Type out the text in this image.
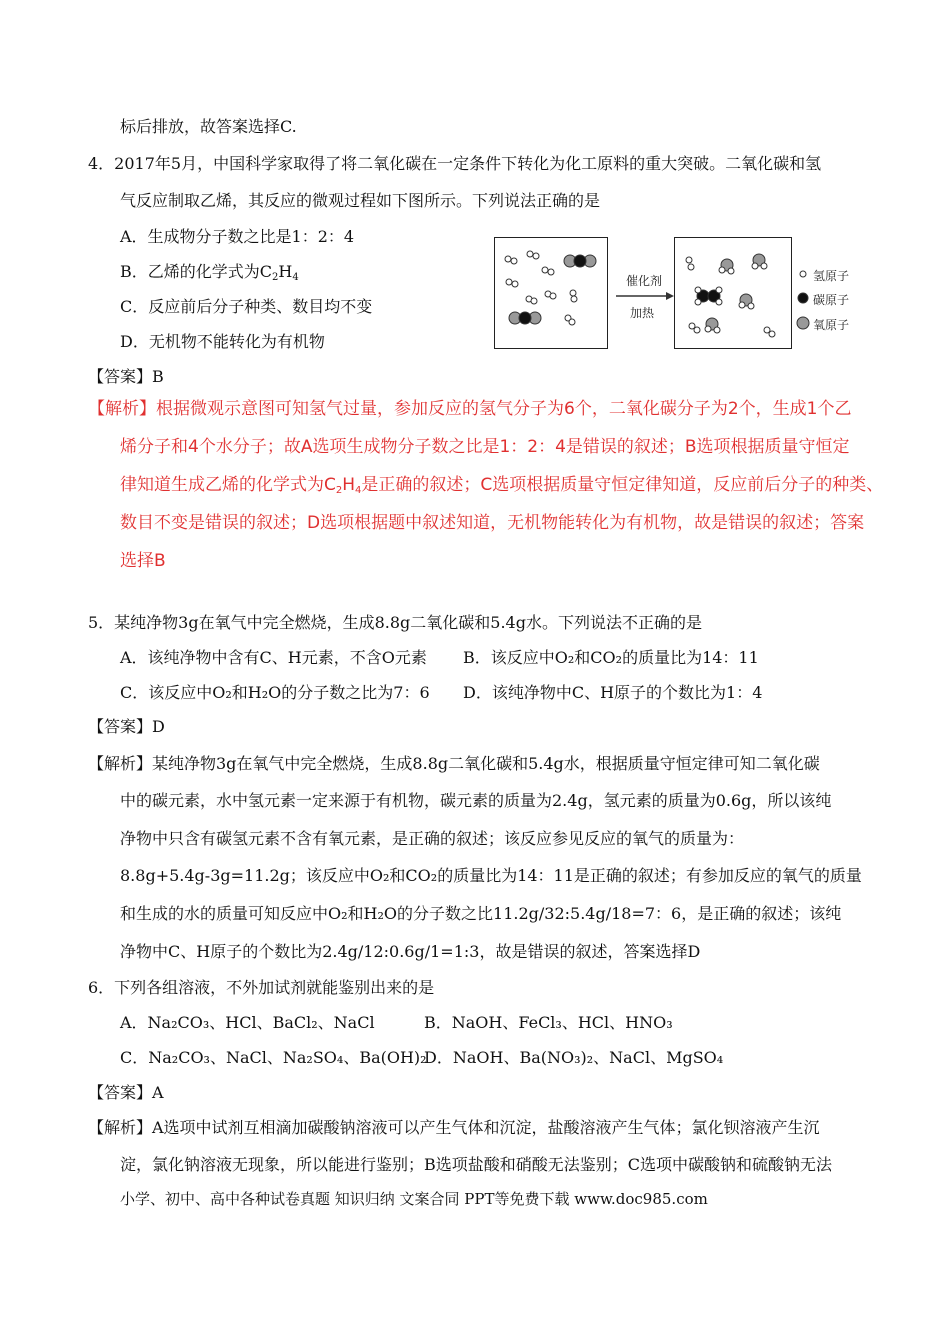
标后排放，故答案选择C.
4．2017年5月，中国科学家取得了将二氧化碳在一定条件下转化为化工原料的重大突破。二氧化碳和氢
气反应制取乙烯，其反应的微观过程如下图所示。下列说法正确的是
A．生成物分子数之比是1：2：4
B．乙烯的化学式为$C_2H_4$
C．反应前后分子种类、数目均不变
D．无机物不能转化为有机物
催化剂
加热
氢原子
碳原子
氧原子
【答案】B
【解析】根据微观示意图可知氢气过量，参加反应的氢气分子为6个，二氧化碳分子为2个，生成1个乙
烯分子和4个水分子；故A选项生成物分子数之比是1：2：4是错误的叙述；B选项根据质量守恒定
律知道生成乙烯的化学式为$C_2H_4$是正确的叙述；C选项根据质量守恒定律知道，反应前后分子的种类、
数目不变是错误的叙述；D选项根据题中叙述知道，无机物能转化为有机物，故是错误的叙述；答案
选择B
5．某纯净物3g在氧气中完全燃烧，生成8.8g二氧化碳和5.4g水。下列说法不正确的是
A．该纯净物中含有C、H元素，不含O元素 B．该反应中O₂和CO₂的质量比为14：11
C．该反应中O₂和H₂O的分子数之比为7：6 D．该纯净物中C、H原子的个数比为1：4
【答案】D
【解析】某纯净物3g在氧气中完全燃烧，生成8.8g二氧化碳和5.4g水，根据质量守恒定律可知二氧化碳
中的碳元素，水中氢元素一定来源于有机物，碳元素的质量为2.4g，氢元素的质量为0.6g，所以该纯
净物中只含有碳氢元素不含有氧元素，是正确的叙述；该反应参见反应的氧气的质量为：
8.8g+5.4g-3g=11.2g；该反应中O₂和CO₂的质量比为14：11是正确的叙述；有参加反应的氧气的质量
和生成的水的质量可知反应中O₂和H₂O的分子数之比11.2g/32:5.4g/18=7：6，是正确的叙述；该纯
净物中C、H原子的个数比为2.4g/12:0.6g/1=1:3，故是错误的叙述，答案选择D
6．下列各组溶液，不外加试剂就能鉴别出来的是
A．Na₂CO₃、HCl、BaCl₂、NaCl	B．NaOH、FeCl₃、HCl、HNO₃
C．Na₂CO₃、NaCl、Na₂SO₄、Ba(OH)₂
D．NaOH、Ba(NO₃)₂、NaCl、MgSO₄
【答案】A
【解析】A选项中试剂互相滴加碳酸钠溶液可以产生气体和沉淀，盐酸溶液产生气体；氯化钡溶液产生沉
淀，氯化钠溶液无现象，所以能进行鉴别；B选项盐酸和硝酸无法鉴别；C选项中碳酸钠和硫酸钠无法
小学、初中、高中各种试卷真题 知识归纳 文案合同 PPT等免费下载 www.doc985.com
